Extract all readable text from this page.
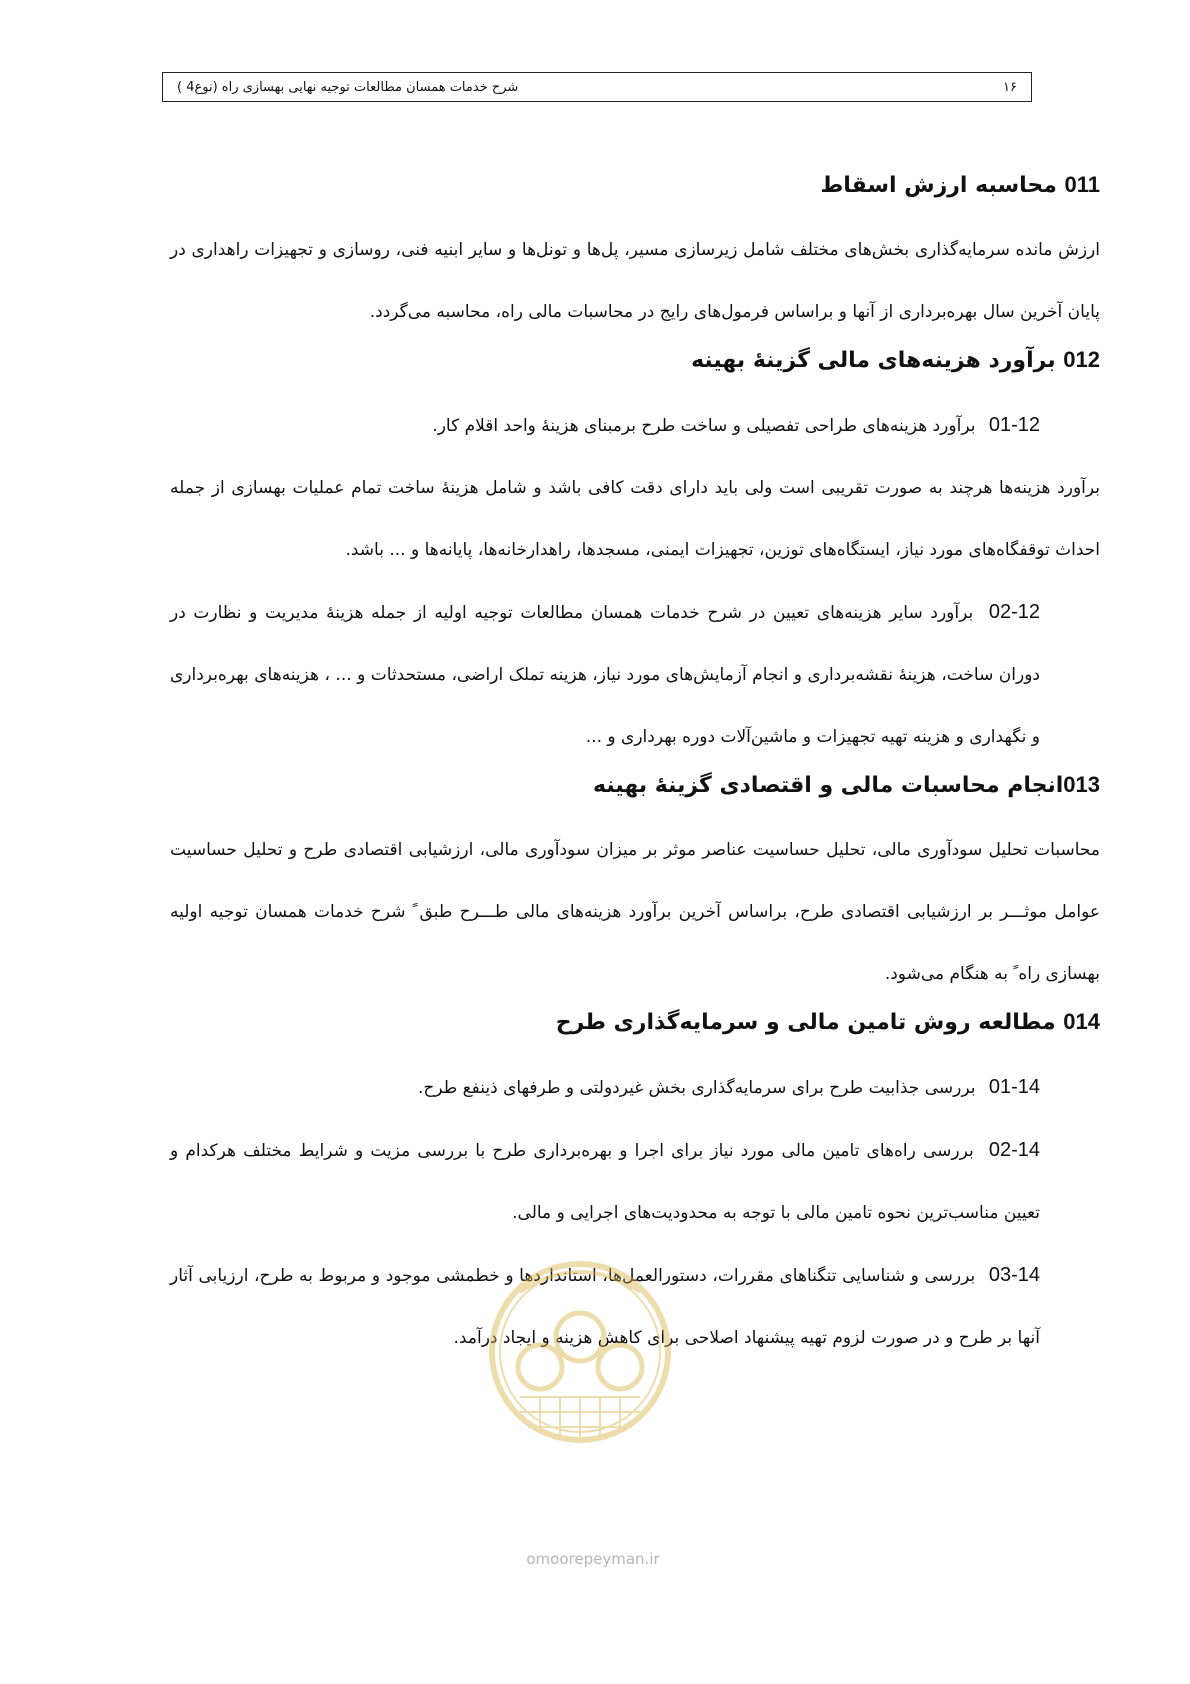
۱۶
شرح خدمات همسان مطالعات توجیه نهایی بهسازی راه (نوع4 )
011 محاسبه ارزش اسقاط

ارزش مانده سرمایه‌گذاری بخش‌های مختلف شامل زیرسازی مسیر، پل‌ها و تونل‌ها و سایر ابنیه فنی، روسازی و تجهیزات راهداری در پایان آخرین سال بهره‌برداری از آنها و براساس فرمول‌های رایج در محاسبات مالی راه، محاسبه می‌گردد.

012 برآورد هزینه‌های مالی گزینهٔ بهینه

01-12 برآورد هزینه‌های طراحی تفصیلی و ساخت طرح برمبنای هزینهٔ واحد اقلام کار.

برآورد هزینه‌ها هرچند به صورت تقریبی است ولی باید دارای دقت کافی باشد و شامل هزینهٔ ساخت تمام عملیات بهسازی از جمله احداث توقفگاه‌های مورد نیاز، ایستگاه‌های توزین، تجهیزات ایمنی، مسجدها، راهدارخانه‌ها، پایانه‌ها و ... باشد.

02-12 برآورد سایر هزینه‌های تعیین در شرح خدمات همسان مطالعات توجیه اولیه از جمله هزینهٔ مدیریت و نظارت در دوران ساخت، هزینهٔ نقشه‌برداری و انجام آزمایش‌های مورد نیاز، هزینه تملک اراضی، مستحدثات و ... ، هزینه‌های بهره‌برداری و نگهداری و هزینه تهیه تجهیزات و ماشین‌آلات دوره بهرداری و ...

013انجام محاسبات مالی و اقتصادی گزینهٔ بهینه

محاسبات تحلیل سودآوری مالی، تحلیل حساسیت عناصر موثر بر میزان سودآوری مالی، ارزشیابی اقتصادی طرح و تحلیل حساسیت عوامل موثـــر بر ارزشیابی اقتصادی طرح، براساس آخرین برآورد هزینه‌های مالی طـــرح طبق ً شرح خدمات همسان توجیه اولیه بهسازی راه ً به هنگام می‌شود.

014 مطالعه روش تامین مالی و سرمایه‌گذاری طرح

01-14 بررسی جذابیت طرح برای سرمایه‌گذاری بخش غیردولتی و طرفهای ذینفع طرح.

02-14 بررسی راه‌های تامین مالی مورد نیاز برای اجرا و بهره‌برداری طرح با بررسی مزیت و شرایط مختلف هرکدام و تعیین مناسب‌ترین نحوه تامین مالی با توجه به محدودیت‌های اجرایی و مالی.

03-14 بررسی و شناسایی تنگناهای مقررات، دستورالعمل‌ها، استانداردها و خطمشی موجود و مربوط به طرح، ارزیابی آثار آنها بر طرح و در صورت لزوم تهیه پیشنهاد اصلاحی برای کاهش هزینه و ایجاد درآمد.

omoorepeyman.ir
